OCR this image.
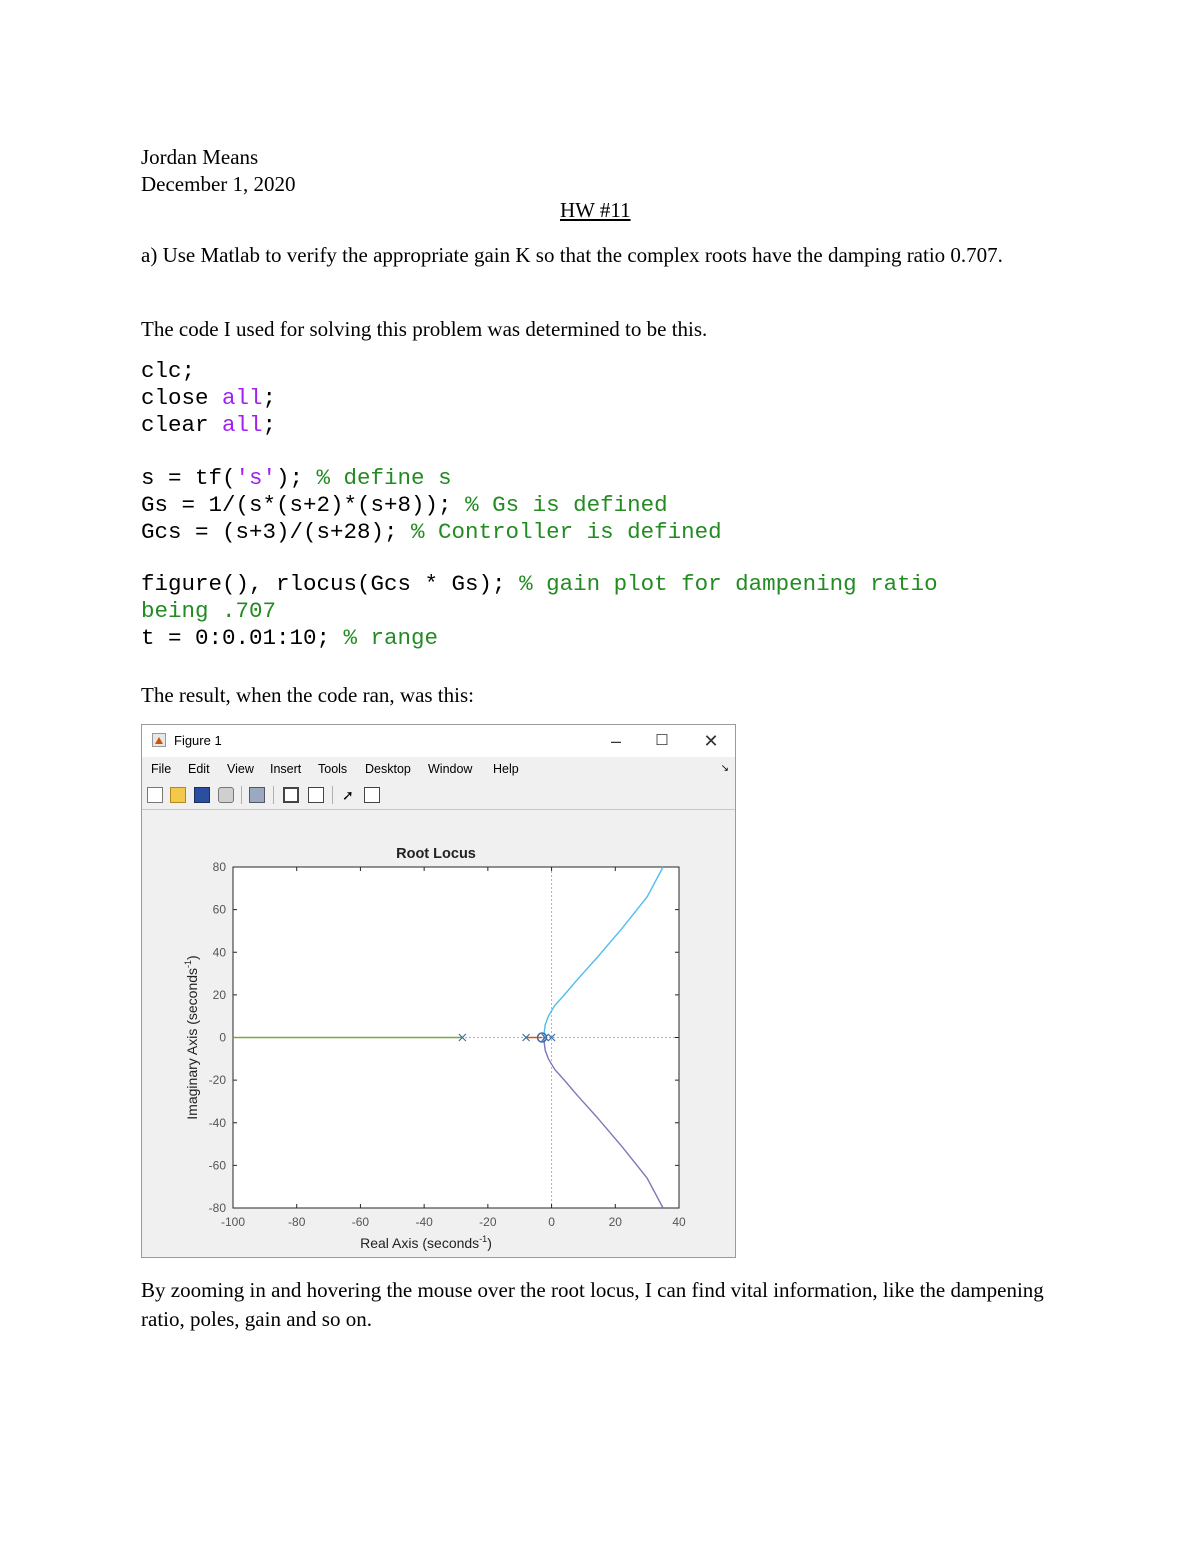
Jordan Means
December 1, 2020
HW #11
a) Use Matlab to verify the appropriate gain K so that the complex roots have the damping ratio 0.707.
The code I used for solving this problem was determined to be this.
clc;
close all;
clear all;
s = tf('s'); % define s
Gs = 1/(s*(s+2)*(s+8)); % Gs is defined
Gcs = (s+3)/(s+28); % Controller is defined
figure(), rlocus(Gcs * Gs); % gain plot for dampening ratio
being .707
t = 0:0.01:10; % range
The result, when the code ran, was this:
Figure 1	–	☐ ✕
File Edit View Insert Tools Desktop Window Help	↘
➚
-100	-80	-60	-40	-20	0	20	40
-80
-60
-40
-20
0
20
40
60
80
Root Locus
Real Axis (seconds$^{-1}$)
Imaginary Axis (seconds$^{-1}$)
By zooming in and hovering the mouse over the root locus, I can find vital information, like the dampening ratio, poles, gain and so on.
